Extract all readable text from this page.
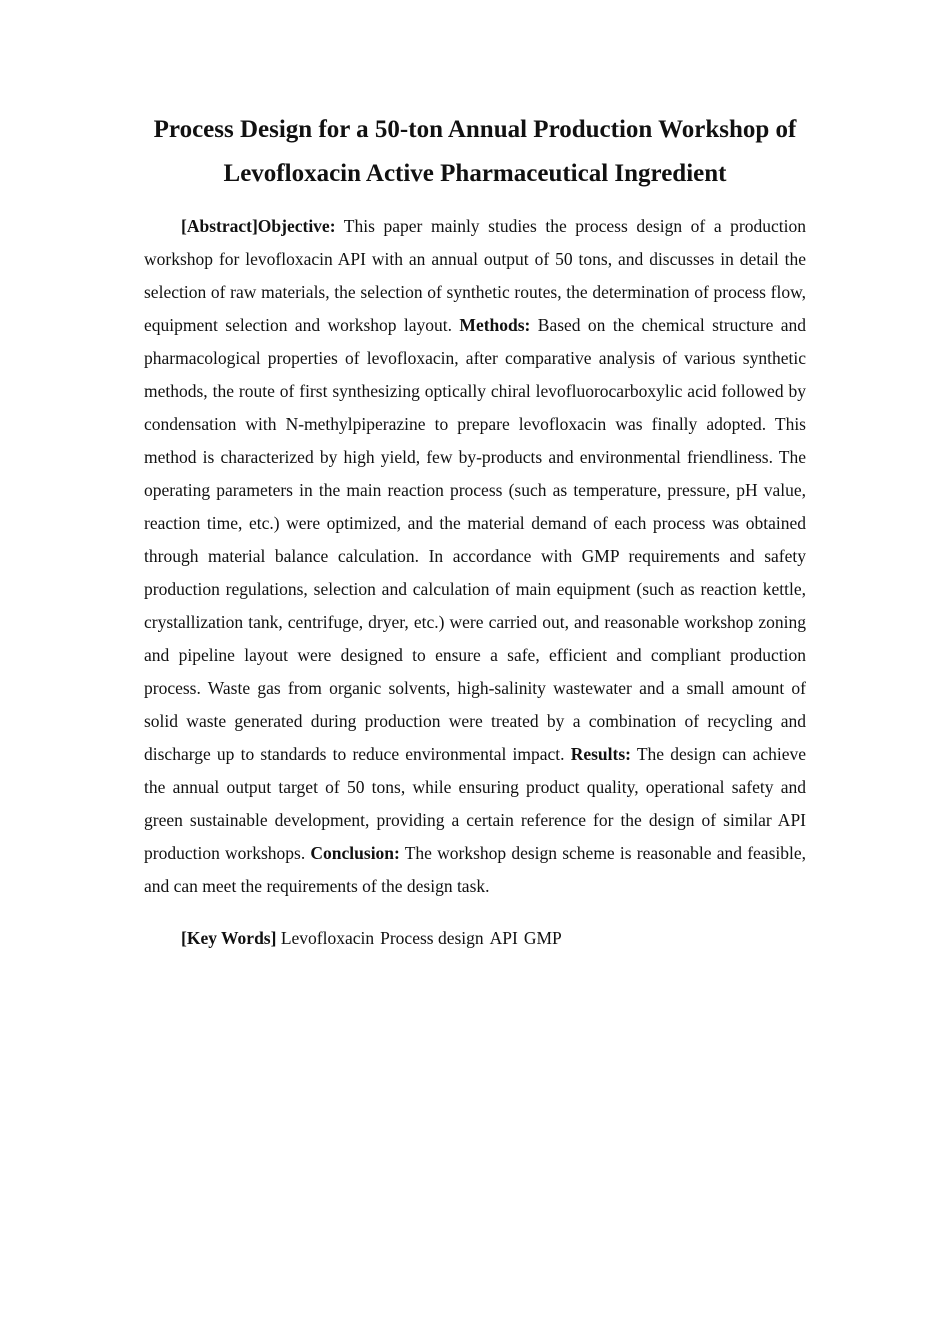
Process Design for a 50-ton Annual Production Workshop of
Levofloxacin Active Pharmaceutical Ingredient

[Abstract]Objective: This paper mainly studies the process design of a production workshop for levofloxacin API with an annual output of 50 tons, and discusses in detail the selection of raw materials, the selection of synthetic routes, the determination of process flow, equipment selection and workshop layout. Methods: Based on the chemical structure and pharmacological properties of levofloxacin, after comparative analysis of various synthetic methods, the route of first synthesizing optically chiral levofluorocarboxylic acid followed by condensation with N-methylpiperazine to prepare levofloxacin was finally adopted. This method is characterized by high yield, few by-products and environmental friendliness. The operating parameters in the main reaction process (such as temperature, pressure, pH value, reaction time, etc.) were optimized, and the material demand of each process was obtained through material balance calculation. In accordance with GMP requirements and safety production regulations, selection and calculation of main equipment (such as reaction kettle, crystallization tank, centrifuge, dryer, etc.) were carried out, and reasonable workshop zoning and pipeline layout were designed to ensure a safe, efficient and compliant production process. Waste gas from organic solvents, high-salinity wastewater and a small amount of solid waste generated during production were treated by a combination of recycling and discharge up to standards to reduce environmental impact. Results: The design can achieve the annual output target of 50 tons, while ensuring product quality, operational safety and green sustainable development, providing a certain reference for the design of similar API production workshops. Conclusion: The workshop design scheme is reasonable and feasible, and can meet the requirements of the design task.

[Key Words] Levofloxacin Process design API GMP
